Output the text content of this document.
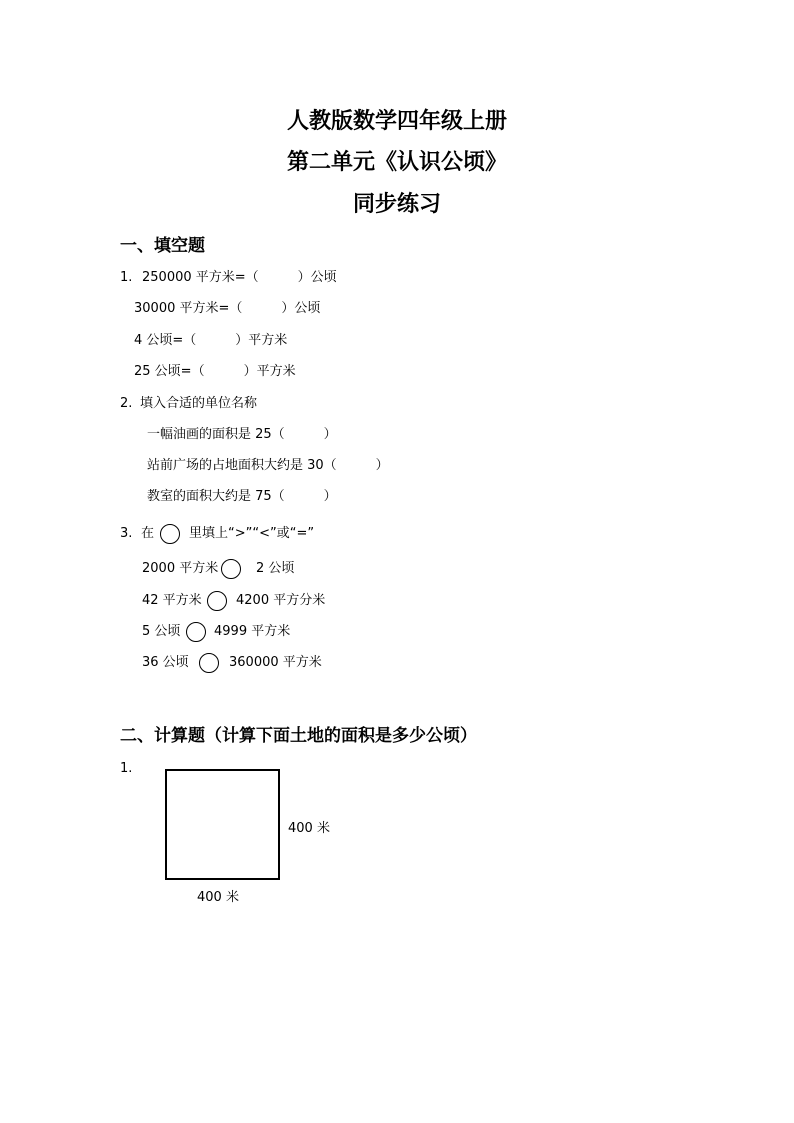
人教版数学四年级上册
第二单元《认识公顷》
同步练习
一、填空题
1. 250000 平方米=（　　　）公顷
30000 平方米=（　　　）公顷
4 公顷=（　　　）平方米
25 公顷=（　　　）平方米
2. 填入合适的单位名称
一幅油画的面积是 25（　　　）
站前广场的占地面积大约是 30（　　　）
教室的面积大约是 75（　　　）
3. 在	里填上“>”“<”或“=”
2000 平方米	2 公顷
42 平方米	4200 平方分米
5 公顷	4999 平方米
36 公顷	360000 平方米
二、计算题（计算下面土地的面积是多少公顷）
1.
400 米
400 米
